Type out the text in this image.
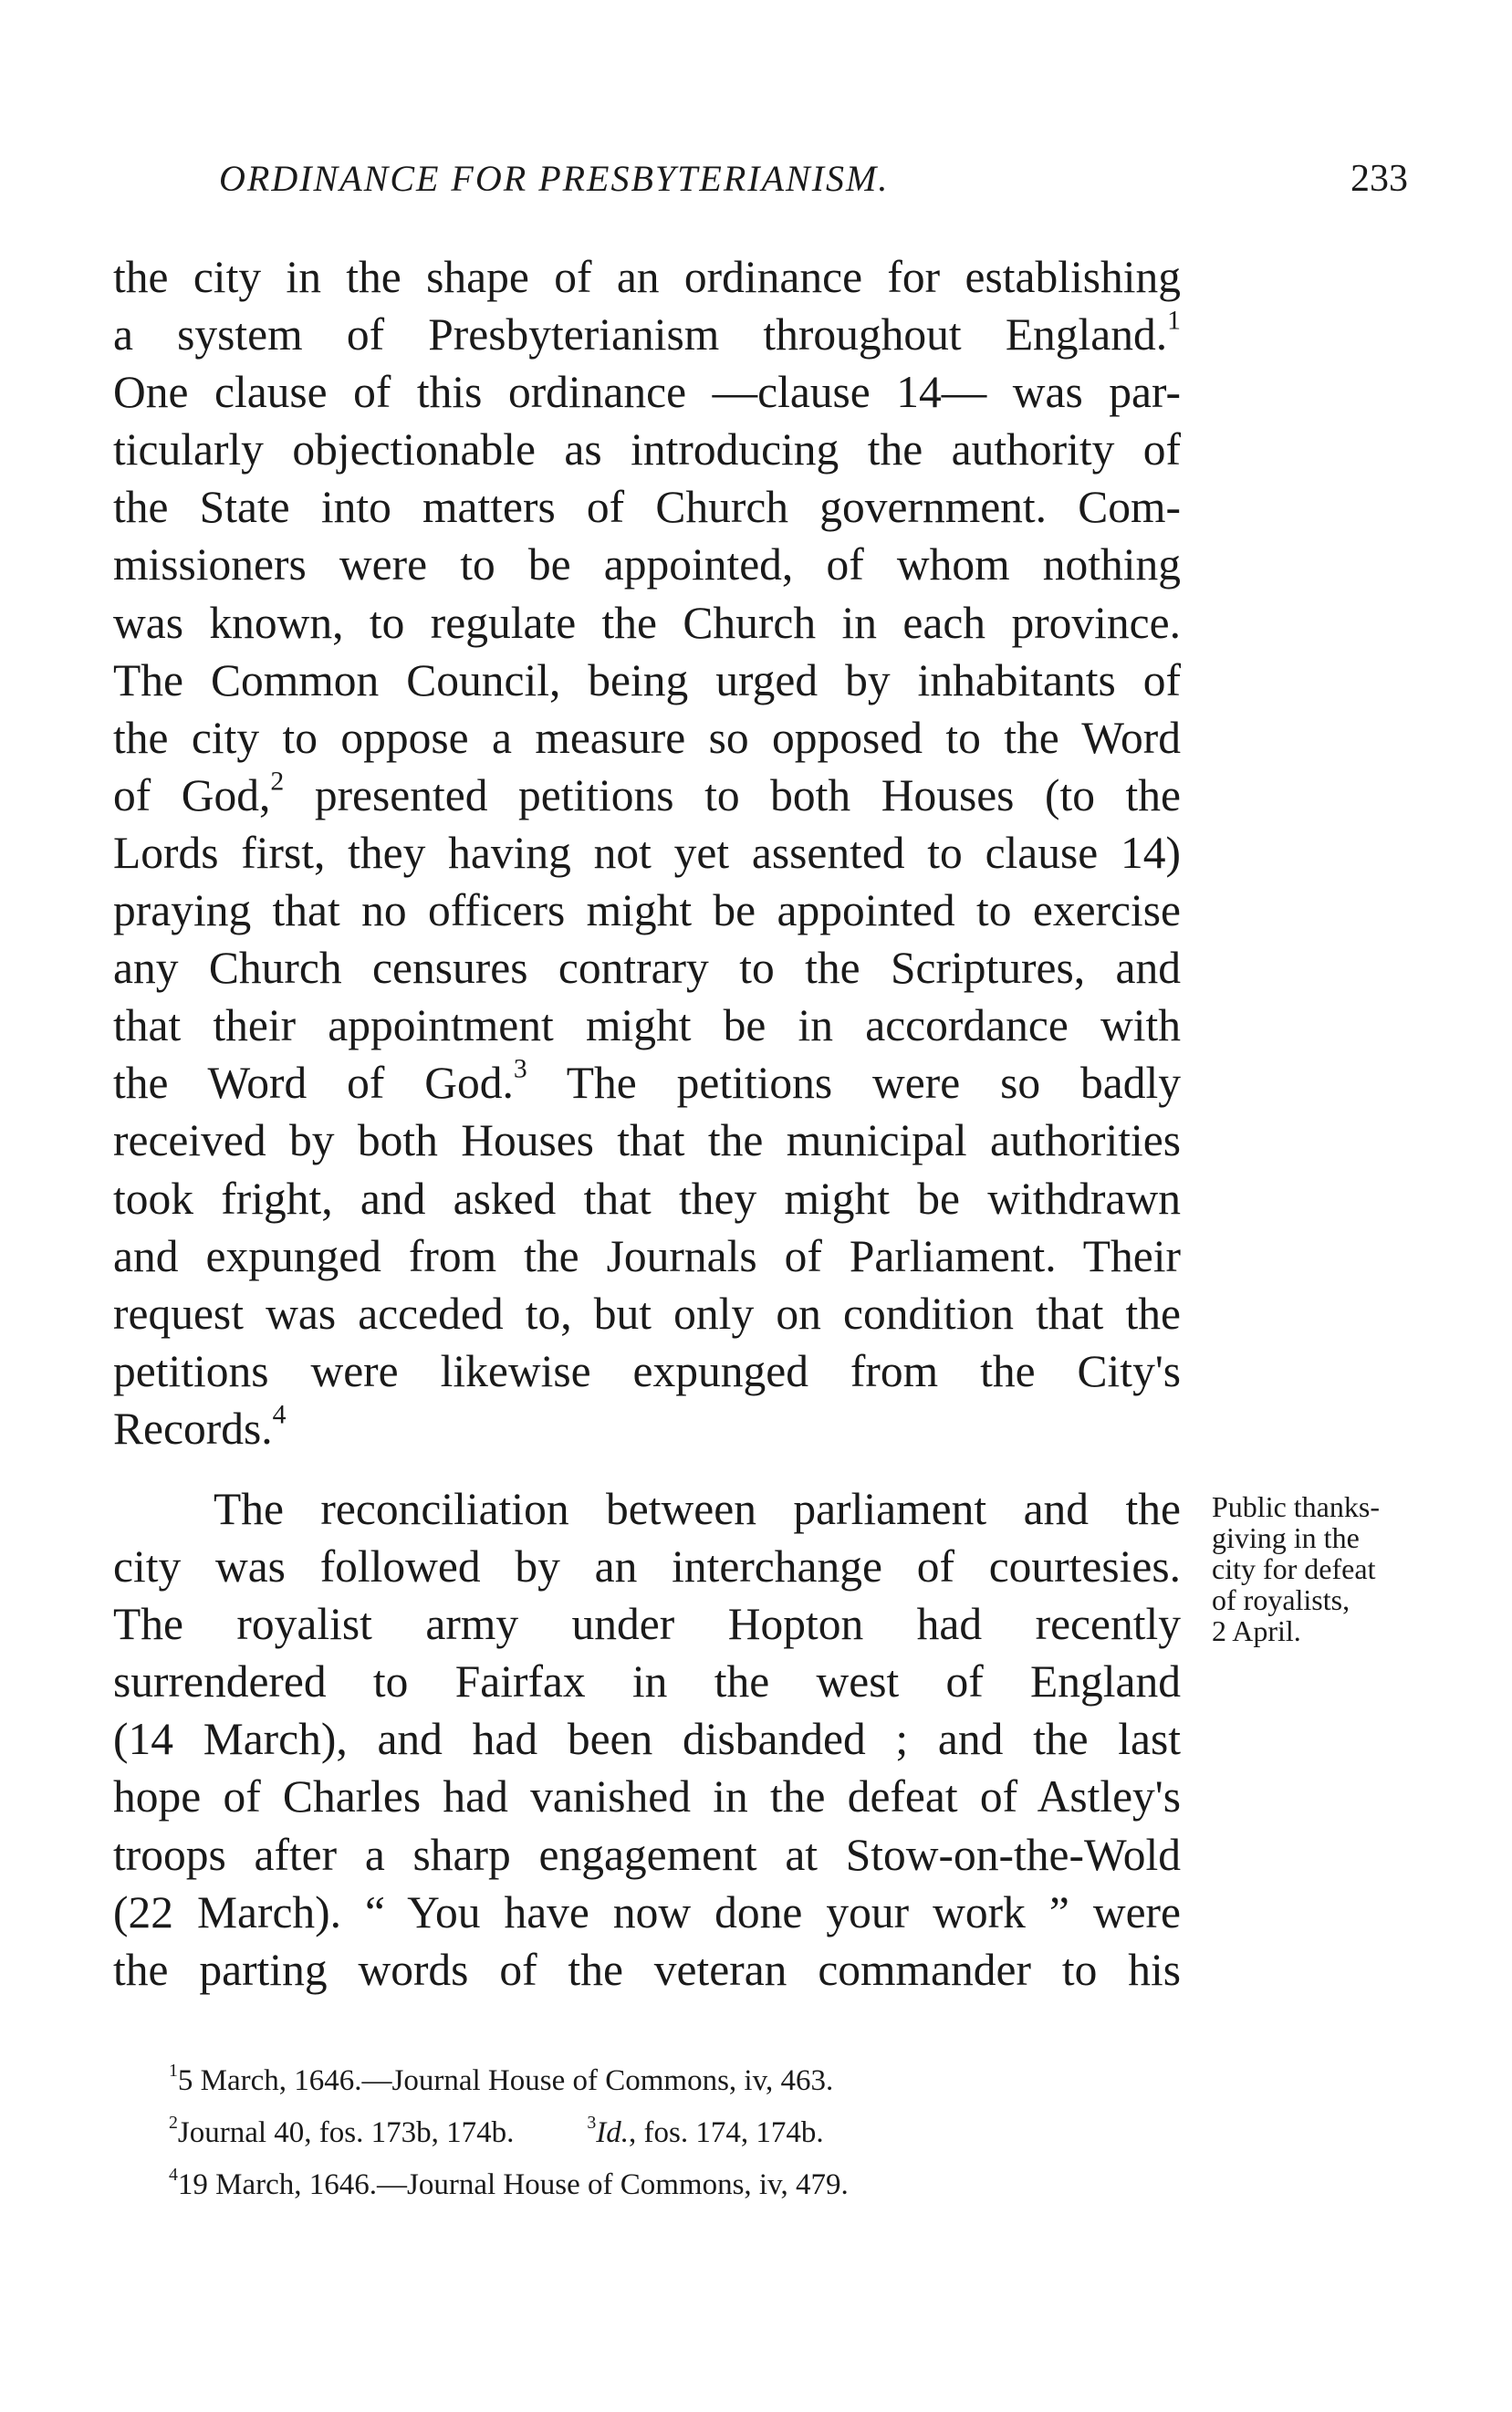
ORDINANCE FOR PRESBYTERIANISM.	233
the city in the shape of an ordinance for establishing
a system of Presbyterianism throughout England.$^1$
One clause of this ordinance —clause 14— was par-
ticularly objectionable as introducing the authority of
the State into matters of Church government. Com-
missioners were to be appointed, of whom nothing
was known, to regulate the Church in each province.
The Common Council, being urged by inhabitants of
the city to oppose a measure so opposed to the Word
of God,$^2$ presented petitions to both Houses (to the
Lords first, they having not yet assented to clause 14)
praying that no officers might be appointed to exercise
any Church censures contrary to the Scriptures, and
that their appointment might be in accordance with
the Word of God.$^3$ The petitions were so badly
received by both Houses that the municipal authorities
took fright, and asked that they might be withdrawn
and expunged from the Journals of Parliament. Their
request was acceded to, but only on condition that the
petitions were likewise expunged from the City's
Records.$^4$
The reconciliation between parliament and the
city was followed by an interchange of courtesies.
The royalist army under Hopton had recently
surrendered to Fairfax in the west of England
(14 March), and had been disbanded ; and the last
hope of Charles had vanished in the defeat of Astley's
troops after a sharp engagement at Stow-on-the-Wold
(22 March). “ You have now done your work ” were
the parting words of the veteran commander to his
Public thanks-
giving in the
city for defeat
of royalists,
2 April.
$^1$5 March, 1646.—Journal House of Commons, iv, 463.
$^2$Journal 40, fos. 173b, 174b.	$^3$Id., fos. 174, 174b.
$^4$19 March, 1646.—Journal House of Commons, iv, 479.
